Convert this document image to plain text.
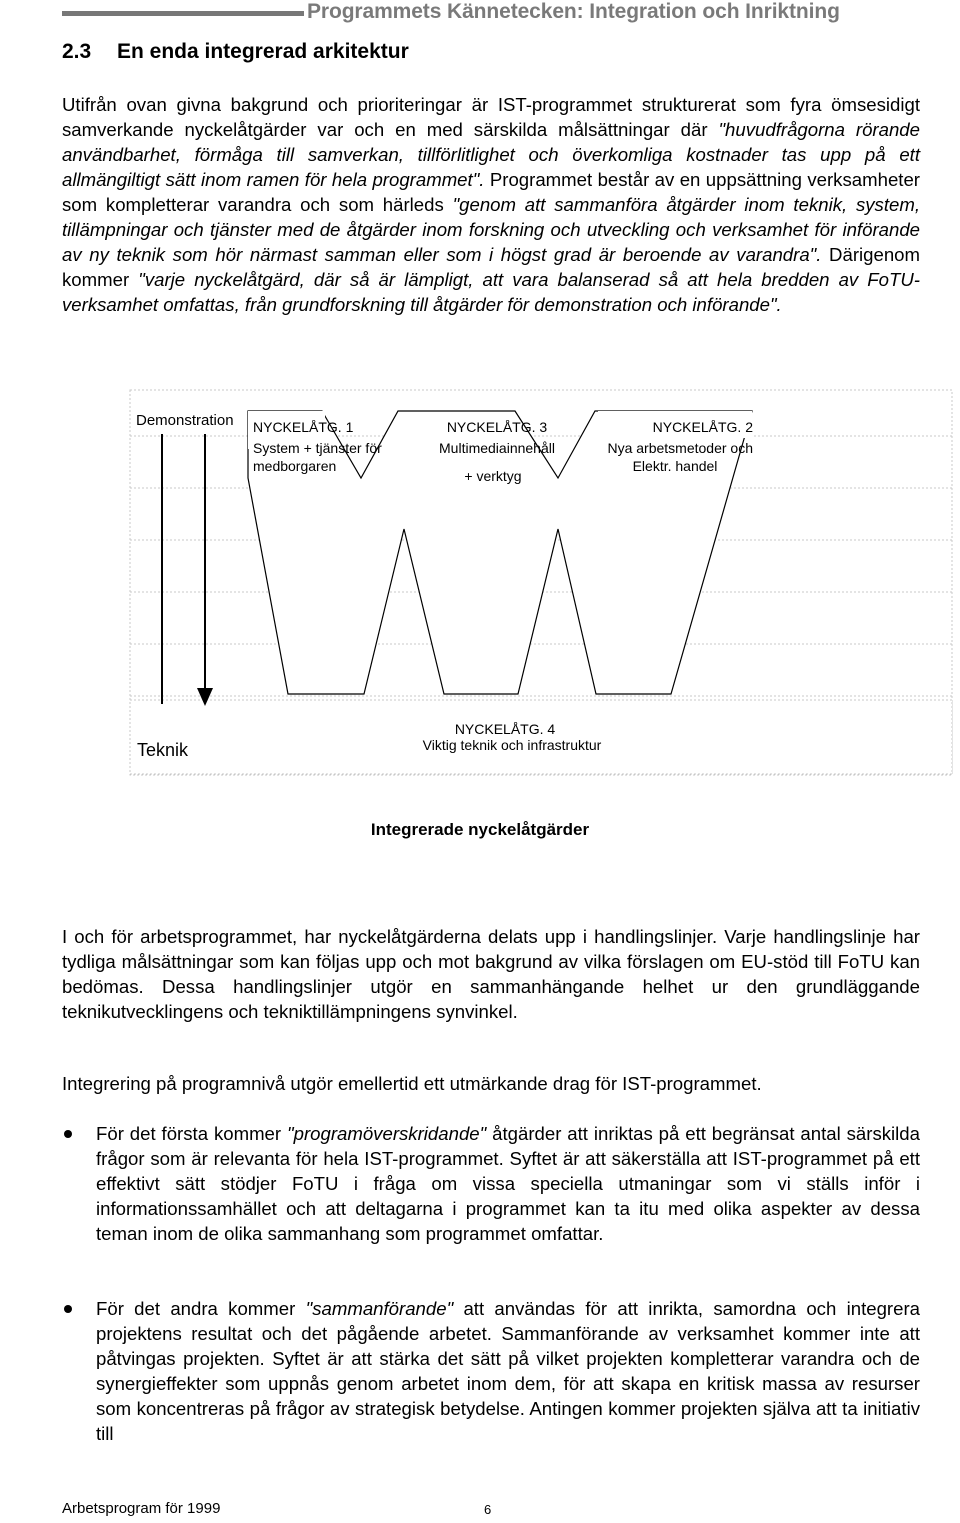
Programmets Kännetecken: Integration och Inriktning
2.3 En enda integrerad arkitektur
Utifrån ovan givna bakgrund och prioriteringar är IST-programmet strukturerat som fyra ömsesidigt samverkande nyckelåtgärder var och en med särskilda målsättningar där "huvudfrågorna rörande användbarhet, förmåga till samverkan, tillförlitlighet och överkomliga kostnader tas upp på ett allmängiltigt sätt inom ramen för hela programmet". Programmet består av en uppsättning verksamheter som kompletterar varandra och som härleds "genom att sammanföra åtgärder inom teknik, system, tillämpningar och tjänster med de åtgärder inom forskning och utveckling och verksamhet för införande av ny teknik som hör närmast samman eller som i högst grad är beroende av varandra". Därigenom kommer "varje nyckelåtgärd, där så är lämpligt, att vara balanserad så att hela bredden av FoTU-verksamhet omfattas, från grundforskning till åtgärder för demonstration och införande".
Demonstration
Teknik
NYCKELÅTG. 1
System + tjänster för
medborgaren
NYCKELÅTG. 3
Multimediainnehåll
+ verktyg
NYCKELÅTG. 2
Nya arbetsmetoder och
Elektr. handel
NYCKELÅTG. 4
Viktig teknik och infrastruktur
Integrerade nyckelåtgärder
I och för arbetsprogrammet, har nyckelåtgärderna delats upp i handlingslinjer. Varje handlingslinje har tydliga målsättningar som kan följas upp och mot bakgrund av vilka förslagen om EU-stöd till FoTU kan bedömas. Dessa handlingslinjer utgör en sammanhängande helhet ur den grundläggande teknikutvecklingens och tekniktillämpningens synvinkel.
Integrering på programnivå utgör emellertid ett utmärkande drag för IST-programmet.
För det första kommer "programöverskridande" åtgärder att inriktas på ett begränsat antal särskilda frågor som är relevanta för hela IST-programmet. Syftet är att säkerställa att IST-programmet på ett effektivt sätt stödjer FoTU i fråga om vissa speciella utmaningar som vi ställs inför i informationssamhället och att deltagarna i programmet kan ta itu med olika aspekter av dessa teman inom de olika sammanhang som programmet omfattar.
För det andra kommer "sammanförande" att användas för att inrikta, samordna och integrera projektens resultat och det pågående arbetet. Sammanförande av verksamhet kommer inte att påtvingas projekten. Syftet är att stärka det sätt på vilket projekten kompletterar varandra och de synergieffekter som uppnås genom arbetet inom dem, för att skapa en kritisk massa av resurser som koncentreras på frågor av strategisk betydelse. Antingen kommer projekten själva att ta initiativ till
Arbetsprogram för 1999	6
